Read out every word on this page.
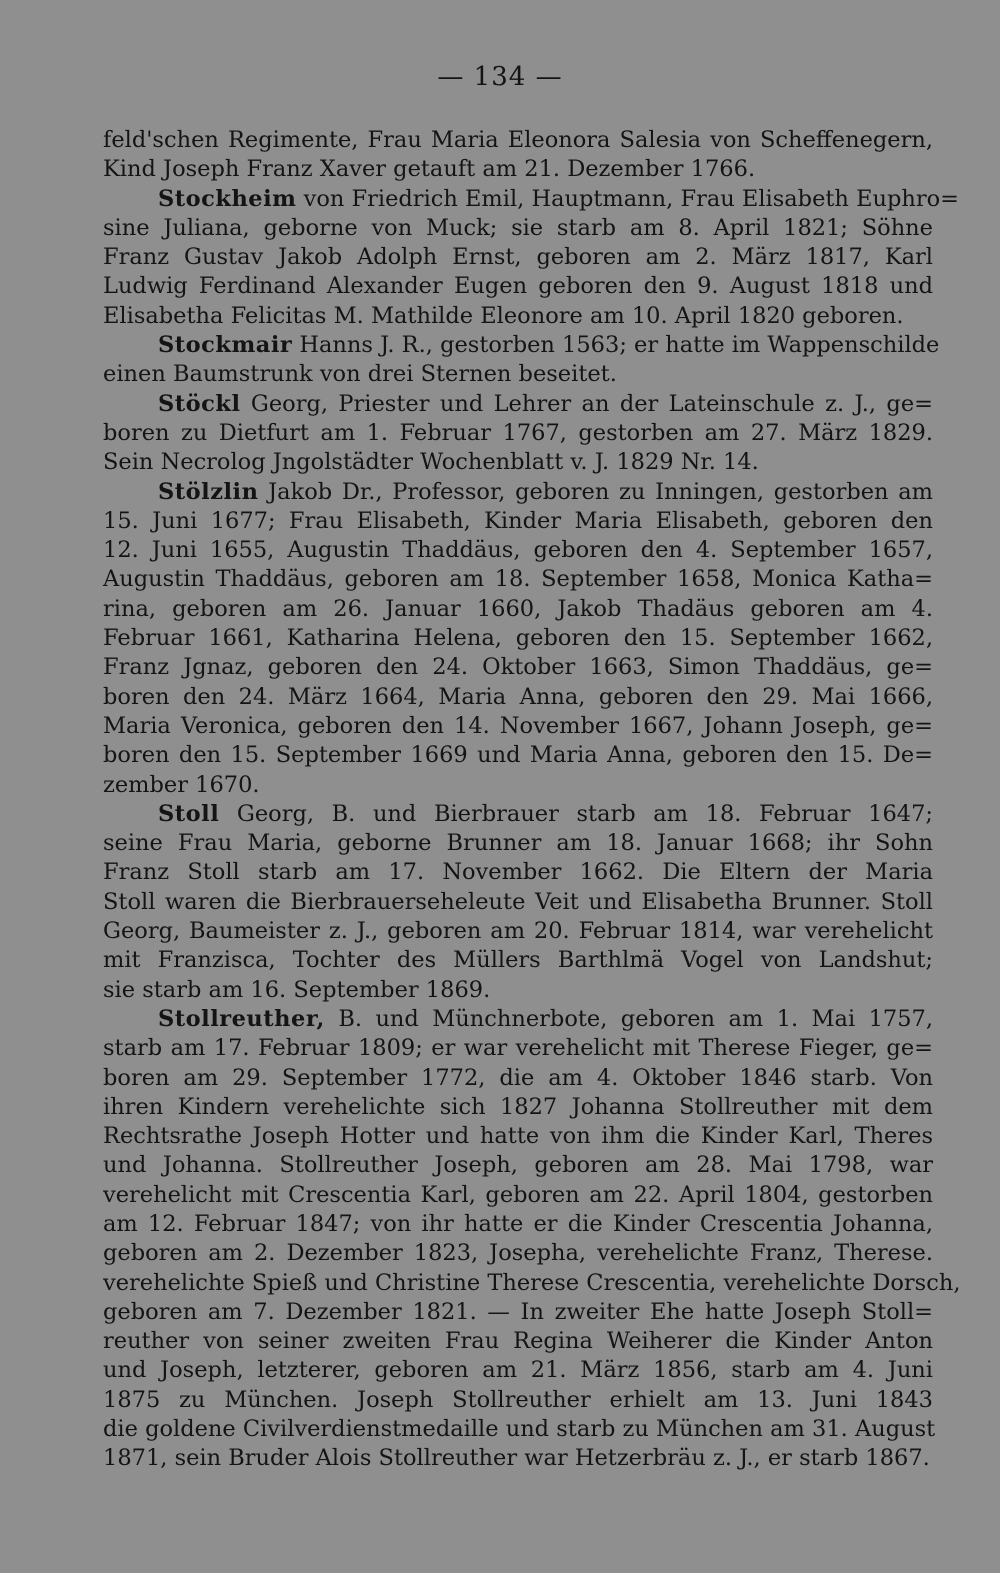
— 134 —
feld'schen Regimente, Frau Maria Eleonora Salesia von Scheffenegern,
Kind Joseph Franz Xaver getauft am 21. Dezember 1766.
Stockheim von Friedrich Emil, Hauptmann, Frau Elisabeth Euphro=
sine Juliana, geborne von Muck; sie starb am 8. April 1821; Söhne
Franz Gustav Jakob Adolph Ernst, geboren am 2. März 1817, Karl
Ludwig Ferdinand Alexander Eugen geboren den 9. August 1818 und
Elisabetha Felicitas M. Mathilde Eleonore am 10. April 1820 geboren.
Stockmair Hanns J. R., gestorben 1563; er hatte im Wappenschilde
einen Baumstrunk von drei Sternen beseitet.
Stöckl Georg, Priester und Lehrer an der Lateinschule z. J., ge=
boren zu Dietfurt am 1. Februar 1767, gestorben am 27. März 1829.
Sein Necrolog Jngolstädter Wochenblatt v. J. 1829 Nr. 14.
Stölzlin Jakob Dr., Professor, geboren zu Inningen, gestorben am
15. Juni 1677; Frau Elisabeth, Kinder Maria Elisabeth, geboren den
12. Juni 1655, Augustin Thaddäus, geboren den 4. September 1657,
Augustin Thaddäus, geboren am 18. September 1658, Monica Katha=
rina, geboren am 26. Januar 1660, Jakob Thadäus geboren am 4.
Februar 1661, Katharina Helena, geboren den 15. September 1662,
Franz Jgnaz, geboren den 24. Oktober 1663, Simon Thaddäus, ge=
boren den 24. März 1664, Maria Anna, geboren den 29. Mai 1666,
Maria Veronica, geboren den 14. November 1667, Johann Joseph, ge=
boren den 15. September 1669 und Maria Anna, geboren den 15. De=
zember 1670.
Stoll Georg, B. und Bierbrauer starb am 18. Februar 1647;
seine Frau Maria, geborne Brunner am 18. Januar 1668; ihr Sohn
Franz Stoll starb am 17. November 1662. Die Eltern der Maria
Stoll waren die Bierbrauerseheleute Veit und Elisabetha Brunner. Stoll
Georg, Baumeister z. J., geboren am 20. Februar 1814, war verehelicht
mit Franzisca, Tochter des Müllers Barthlmä Vogel von Landshut;
sie starb am 16. September 1869.
Stollreuther, B. und Münchnerbote, geboren am 1. Mai 1757,
starb am 17. Februar 1809; er war verehelicht mit Therese Fieger, ge=
boren am 29. September 1772, die am 4. Oktober 1846 starb. Von
ihren Kindern verehelichte sich 1827 Johanna Stollreuther mit dem
Rechtsrathe Joseph Hotter und hatte von ihm die Kinder Karl, Theres
und Johanna. Stollreuther Joseph, geboren am 28. Mai 1798, war
verehelicht mit Crescentia Karl, geboren am 22. April 1804, gestorben
am 12. Februar 1847; von ihr hatte er die Kinder Crescentia Johanna,
geboren am 2. Dezember 1823, Josepha, verehelichte Franz, Therese.
verehelichte Spieß und Christine Therese Crescentia, verehelichte Dorsch,
geboren am 7. Dezember 1821. — In zweiter Ehe hatte Joseph Stoll=
reuther von seiner zweiten Frau Regina Weiherer die Kinder Anton
und Joseph, letzterer, geboren am 21. März 1856, starb am 4. Juni
1875 zu München. Joseph Stollreuther erhielt am 13. Juni 1843
die goldene Civilverdienstmedaille und starb zu München am 31. August
1871, sein Bruder Alois Stollreuther war Hetzerbräu z. J., er starb 1867.
